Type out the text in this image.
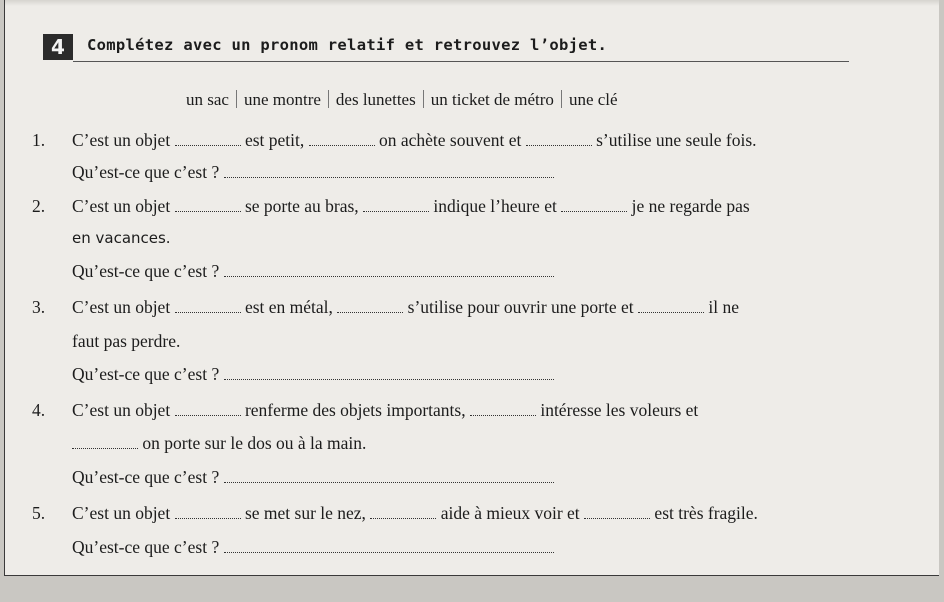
4	Complétez avec un pronom relatif et retrouvez l’objet.
un sac une montre des lunettes un ticket de métro une clé
1. C’est un objet	est petit,	on achète souvent et	s’utilise une seule fois.
Qu’est-ce que c’est ?
2. C’est un objet	se porte au bras,	indique l’heure et	je ne regarde pas
en vacances.
Qu’est-ce que c’est ?
3. C’est un objet	est en métal,	s’utilise pour ouvrir une porte et	il ne
faut pas perdre.
Qu’est-ce que c’est ?
4. C’est un objet	renferme des objets importants,	intéresse les voleurs et
on porte sur le dos ou à la main.
Qu’est-ce que c’est ?
5. C’est un objet	se met sur le nez,	aide à mieux voir et	est très fragile.
Qu’est-ce que c’est ?
